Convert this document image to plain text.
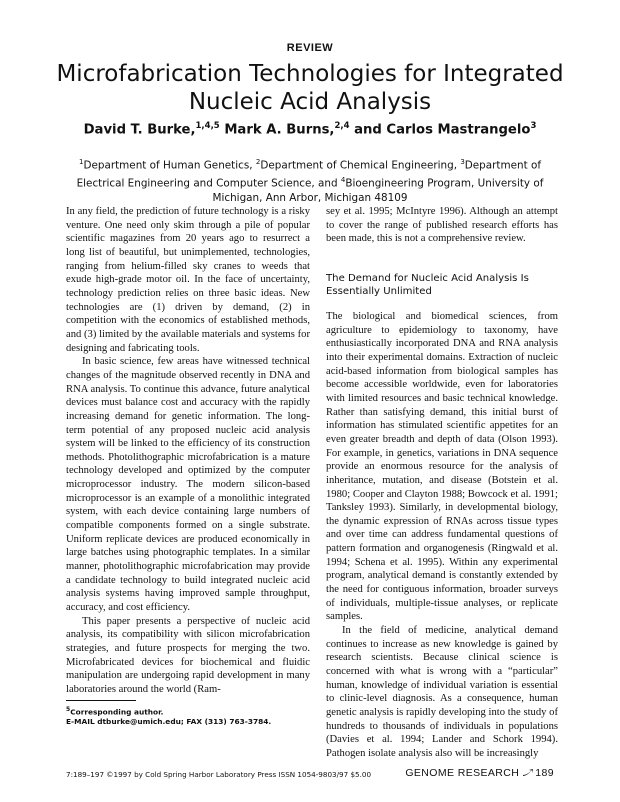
REVIEW
Microfabrication Technologies for Integrated
Nucleic Acid Analysis
David T. Burke,$^{1,4,5}$ Mark A. Burns,$^{2,4}$ and Carlos Mastrangelo$^3$
$^1$Department of Human Genetics, $^2$Department of Chemical Engineering, $^3$Department of Electrical Engineering and Computer Science, and $^4$Bioengineering Program, University of Michigan, Ann Arbor, Michigan 48109

In any field, the prediction of future technology is a risky venture. One need only skim through a pile of popular scientific magazines from 20 years ago to resurrect a long list of beautiful, but unimplemented, technologies, ranging from helium-filled sky cranes to weeds that exude high-grade motor oil. In the face of uncertainty, technology prediction relies on three basic ideas. New technologies are (1) driven by demand, (2) in competition with the economics of established methods, and (3) limited by the available materials and systems for designing and fabricating tools.

In basic science, few areas have witnessed technical changes of the magnitude observed recently in DNA and RNA analysis. To continue this advance, future analytical devices must balance cost and accuracy with the rapidly increasing demand for genetic information. The long-term potential of any proposed nucleic acid analysis system will be linked to the efficiency of its construction methods. Photolithographic microfabrication is a mature technology developed and optimized by the computer microprocessor industry. The modern silicon-based microprocessor is an example of a monolithic integrated system, with each device containing large numbers of compatible components formed on a single substrate. Uniform replicate devices are produced economically in large batches using photographic templates. In a similar manner, photolithographic microfabrication may provide a candidate technology to build integrated nucleic acid analysis systems having improved sample throughput, accuracy, and cost efficiency.

This paper presents a perspective of nucleic acid analysis, its compatibility with silicon microfabrication strategies, and future prospects for merging the two. Microfabricated devices for biochemical and fluidic manipulation are undergoing rapid development in many laboratories around the world (Ram-

sey et al. 1995; McIntyre 1996). Although an attempt to cover the range of published research efforts has been made, this is not a comprehensive review.

The Demand for Nucleic Acid Analysis Is Essentially Unlimited

The biological and biomedical sciences, from agriculture to epidemiology to taxonomy, have enthusiastically incorporated DNA and RNA analysis into their experimental domains. Extraction of nucleic acid-based information from biological samples has become accessible worldwide, even for laboratories with limited resources and basic technical knowledge. Rather than satisfying demand, this initial burst of information has stimulated scientific appetites for an even greater breadth and depth of data (Olson 1993). For example, in genetics, variations in DNA sequence provide an enormous resource for the analysis of inheritance, mutation, and disease (Botstein et al. 1980; Cooper and Clayton 1988; Bowcock et al. 1991; Tanksley 1993). Similarly, in developmental biology, the dynamic expression of RNAs across tissue types and over time can address fundamental questions of pattern formation and organogenesis (Ringwald et al. 1994; Schena et al. 1995). Within any experimental program, analytical demand is constantly extended by the need for contiguous information, broader surveys of individuals, multiple-tissue analyses, or replicate samples.

In the field of medicine, analytical demand continues to increase as new knowledge is gained by research scientists. Because clinical science is concerned with what is wrong with a “particular” human, knowledge of individual variation is essential to clinic-level diagnosis. As a consequence, human genetic analysis is rapidly developing into the study of hundreds to thousands of individuals in populations (Davies et al. 1994; Lander and Schork 1994). Pathogen isolate analysis also will be increasingly

$^5$Corresponding author.
E-MAIL dtburke@umich.edu; FAX (313) 763-3784.
7:189–197 ©1997 by Cold Spring Harbor Laboratory Press ISSN 1054-9803/97 $5.00	GENOME RESEARCH 189
